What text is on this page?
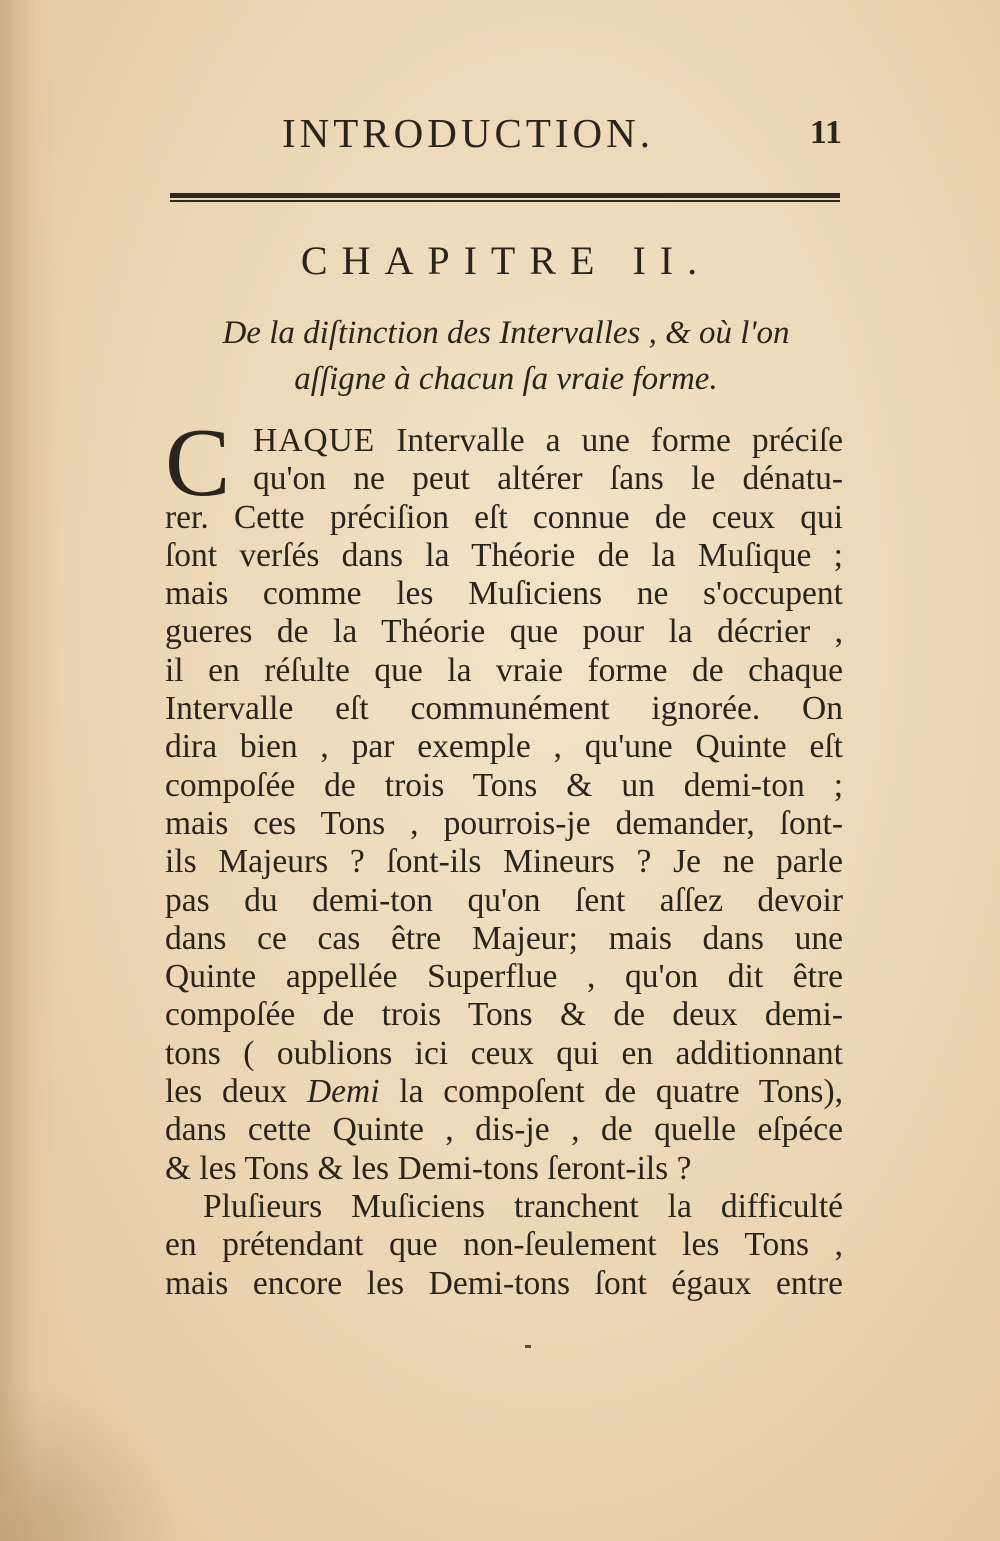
INTRODUCTION.	11
CHAPITRE II.
De la diſtinction des Intervalles , & où l'on
aſſigne à chacun ſa vraie forme.
C HAQUE Intervalle a une forme préciſe
qu'on ne peut altérer ſans le dénatu-
rer. Cette préciſion eſt connue de ceux qui
ſont verſés dans la Théorie de la Muſique ;
mais comme les Muſiciens ne s'occupent
gueres de la Théorie que pour la décrier ,
il en réſulte que la vraie forme de chaque
Intervalle eſt communément ignorée. On
dira bien , par exemple , qu'une Quinte eſt
compoſée de trois Tons & un demi-ton ;
mais ces Tons , pourrois-je demander, ſont-
ils Majeurs ? ſont-ils Mineurs ? Je ne parle
pas du demi-ton qu'on ſent aſſez devoir
dans ce cas être Majeur; mais dans une
Quinte appellée Superflue , qu'on dit être
compoſée de trois Tons & de deux demi-
tons ( oublions ici ceux qui en additionnant
les deux Demi la compoſent de quatre Tons),
dans cette Quinte , dis-je , de quelle eſpéce
& les Tons & les Demi-tons ſeront-ils ?
Pluſieurs Muſiciens tranchent la difficulté
en prétendant que non-ſeulement les Tons ,
mais encore les Demi-tons ſont égaux entre
